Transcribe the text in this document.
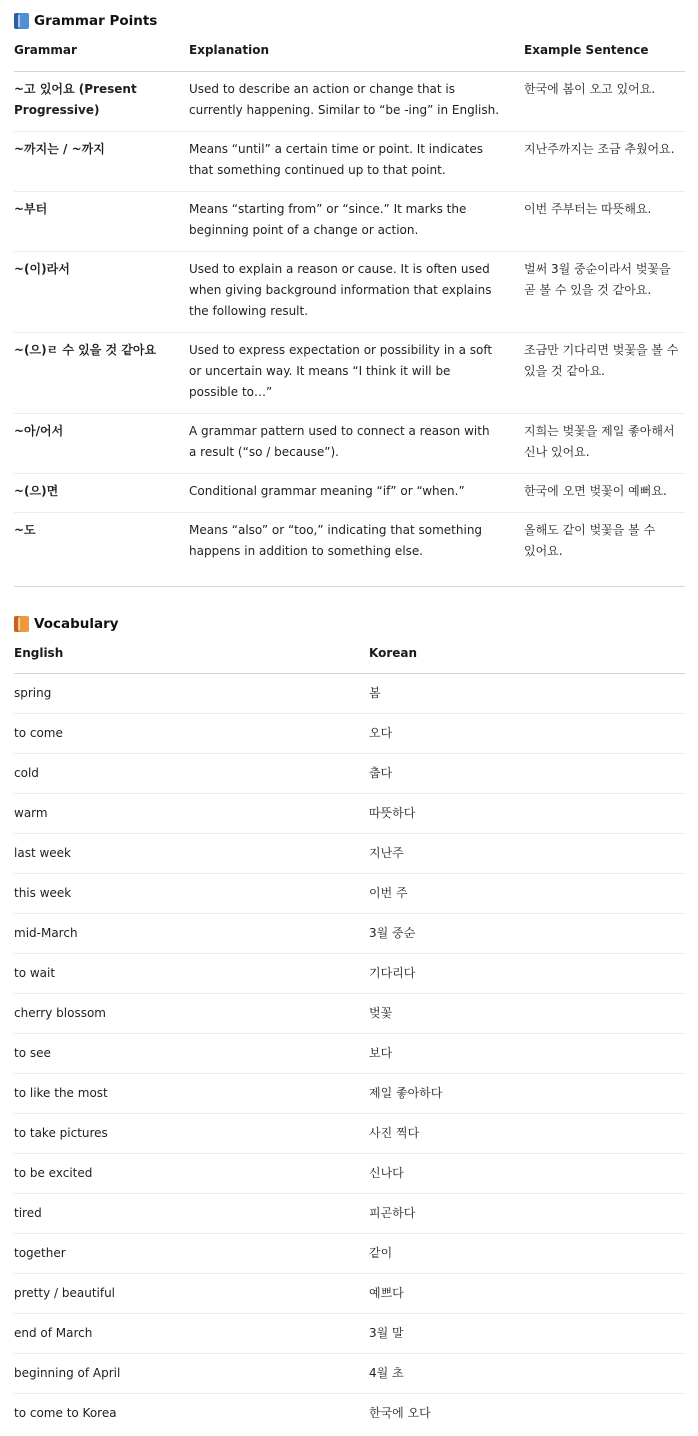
Grammar Points
Grammar	Explanation	Example Sentence
~고 있어요 (Present Progressive)	Used to describe an action or change that is currently happening. Similar to “be -ing” in English.	한국에 봄이 오고 있어요.
~까지는 / ~까지	Means “until” a certain time or point. It indicates that something continued up to that point.	지난주까지는 조금 추웠어요.
~부터	Means “starting from” or “since.” It marks the beginning point of a change or action.	이번 주부터는 따뜻해요.
~(이)라서	Used to explain a reason or cause. It is often used when giving background information that explains the following result.	벌써 3월 중순이라서 벚꽃을 곧 볼 수 있을 것 같아요.
~(으)ㄹ 수 있을 것 같아요	Used to express expectation or possibility in a soft or uncertain way. It means “I think it will be possible to…”	조금만 기다리면 벚꽃을 볼 수 있을 것 같아요.
~아/어서	A grammar pattern used to connect a reason with a result (“so / because”).	지희는 벚꽃을 제일 좋아해서 신나 있어요.
~(으)면	Conditional grammar meaning “if” or “when.”	한국에 오면 벚꽃이 예뻐요.
~도	Means “also” or “too,” indicating that something happens in addition to something else.	올해도 같이 벚꽃을 볼 수 있어요.
Vocabulary
English	Korean
spring	봄
to come	오다
cold	춥다
warm	따뜻하다
last week	지난주
this week	이번 주
mid-March	3월 중순
to wait	기다리다
cherry blossom	벚꽃
to see	보다
to like the most	제일 좋아하다
to take pictures	사진 찍다
to be excited	신나다
tired	피곤하다
together	같이
pretty / beautiful	예쁘다
end of March	3월 말
beginning of April	4월 초
to come to Korea	한국에 오다
